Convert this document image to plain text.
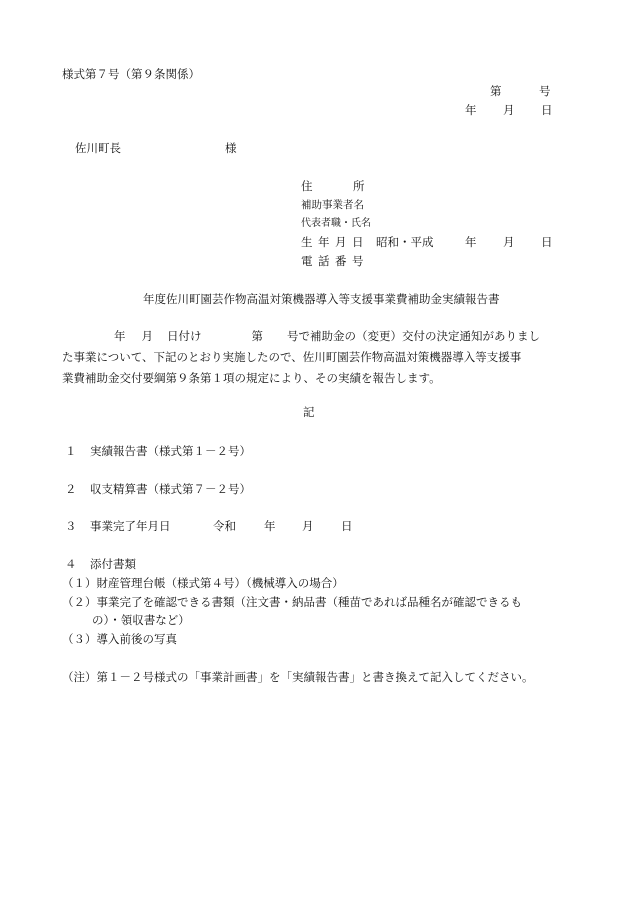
様式第７号（第９条関係）
第	号
年 月 日
佐川町長	様
住	所
補助事業者名
代表者職・氏名
生 年 月 日 昭和・平成	年 月 日
電 話 番 号
年度佐川町園芸作物高温対策機器導入等支援事業費補助金実績報告書
年 月 日付け	第 号で補助金の（変更）交付の決定通知がありまし
た事業について、下記のとおり実施したので、佐川町園芸作物高温対策機器導入等支援事
業費補助金交付要綱第９条第１項の規定により、その実績を報告します。
記
１ 実績報告書（様式第１－２号）
２ 収支精算書（様式第７－２号）
３ 事業完了年月日	令和 年 月 日
４ 添付書類
（１）財産管理台帳（様式第４号）（機械導入の場合）
（２）事業完了を確認できる書類（注文書・納品書（種苗であれば品種名が確認できるも
の）・領収書など）
（３）導入前後の写真
（注）第１－２号様式の「事業計画書」を「実績報告書」と書き換えて記入してください。
